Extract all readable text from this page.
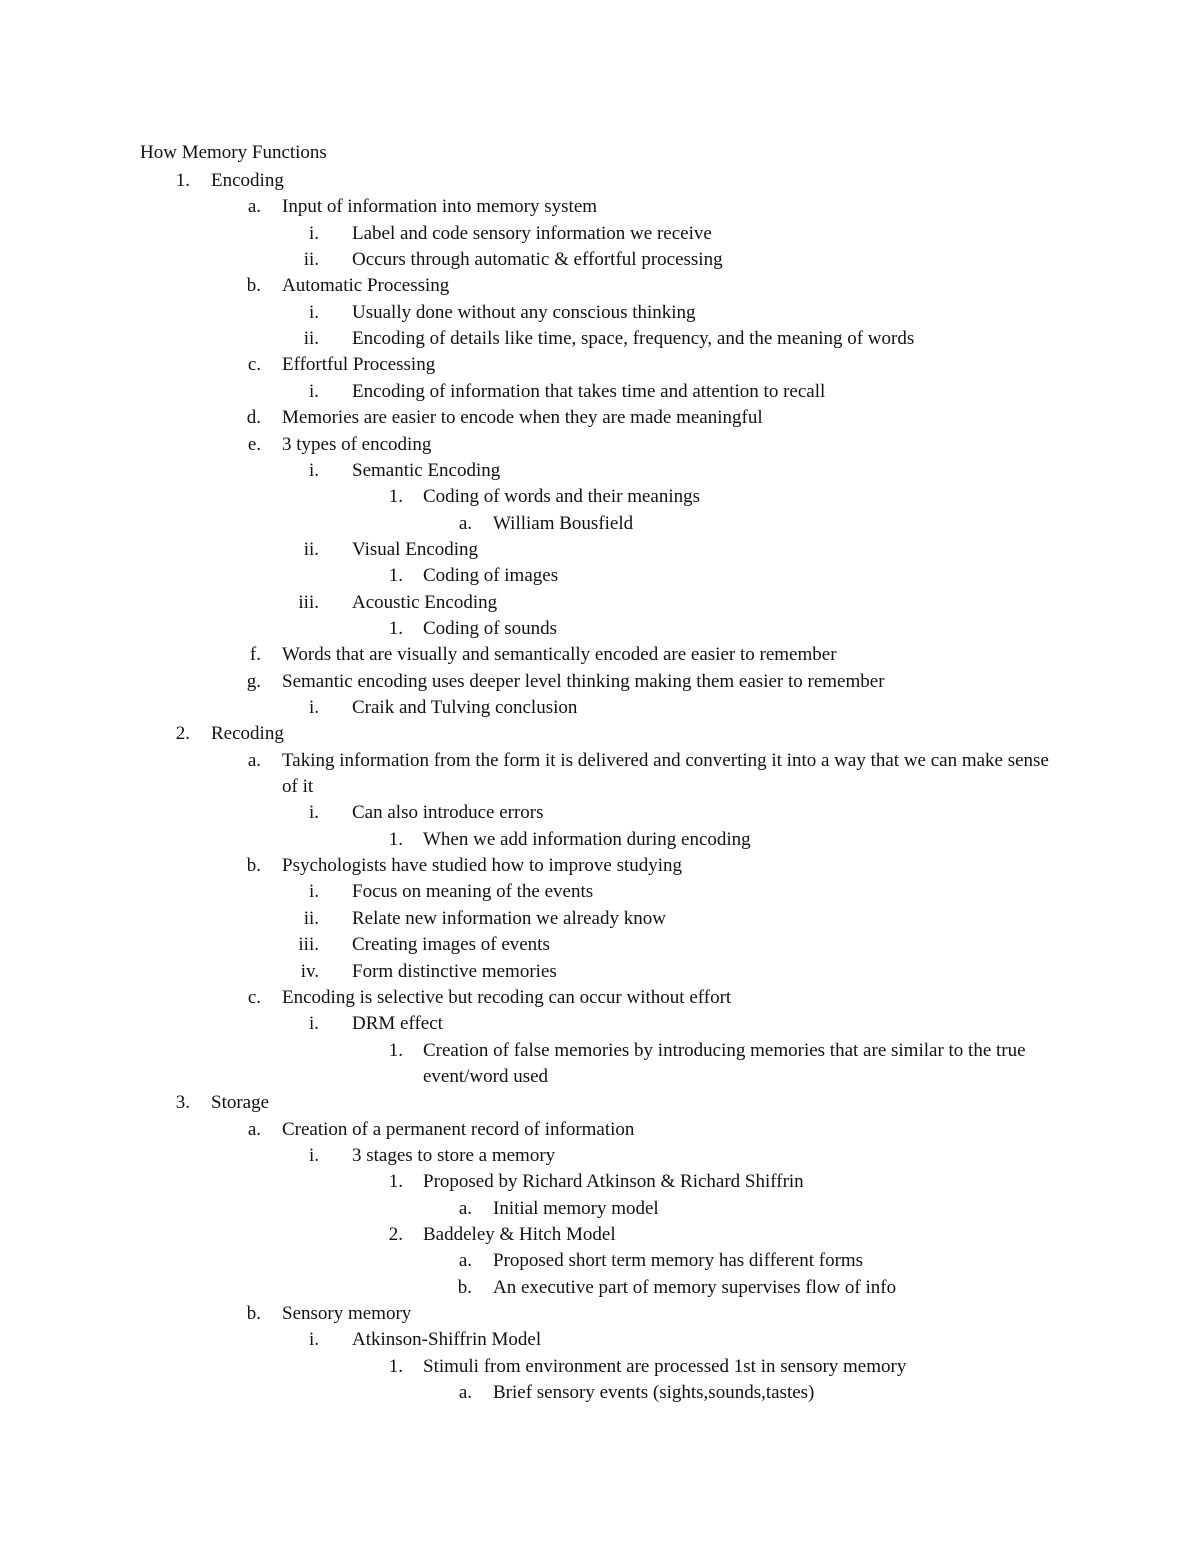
How Memory Functions
1. Encoding
a. Input of information into memory system
i. Label and code sensory information we receive
ii. Occurs through automatic & effortful processing
b. Automatic Processing
i. Usually done without any conscious thinking
ii. Encoding of details like time, space, frequency, and the meaning of words
c. Effortful Processing
i. Encoding of information that takes time and attention to recall
d. Memories are easier to encode when they are made meaningful
e. 3 types of encoding
i. Semantic Encoding
1. Coding of words and their meanings
a. William Bousfield
ii. Visual Encoding
1. Coding of images
iii. Acoustic Encoding
1. Coding of sounds
f. Words that are visually and semantically encoded are easier to remember
g. Semantic encoding uses deeper level thinking making them easier to remember
i. Craik and Tulving conclusion
2. Recoding
a. Taking information from the form it is delivered and converting it into a way that we can make sense of it
i. Can also introduce errors
1. When we add information during encoding
b. Psychologists have studied how to improve studying
i. Focus on meaning of the events
ii. Relate new information we already know
iii. Creating images of events
iv. Form distinctive memories
c. Encoding is selective but recoding can occur without effort
i. DRM effect
1. Creation of false memories by introducing memories that are similar to the true event/word used
3. Storage
a. Creation of a permanent record of information
i. 3 stages to store a memory
1. Proposed by Richard Atkinson & Richard Shiffrin
a. Initial memory model
2. Baddeley & Hitch Model
a. Proposed short term memory has different forms
b. An executive part of memory supervises flow of info
b. Sensory memory
i. Atkinson-Shiffrin Model
1. Stimuli from environment are processed 1st in sensory memory
a. Brief sensory events (sights,sounds,tastes)
